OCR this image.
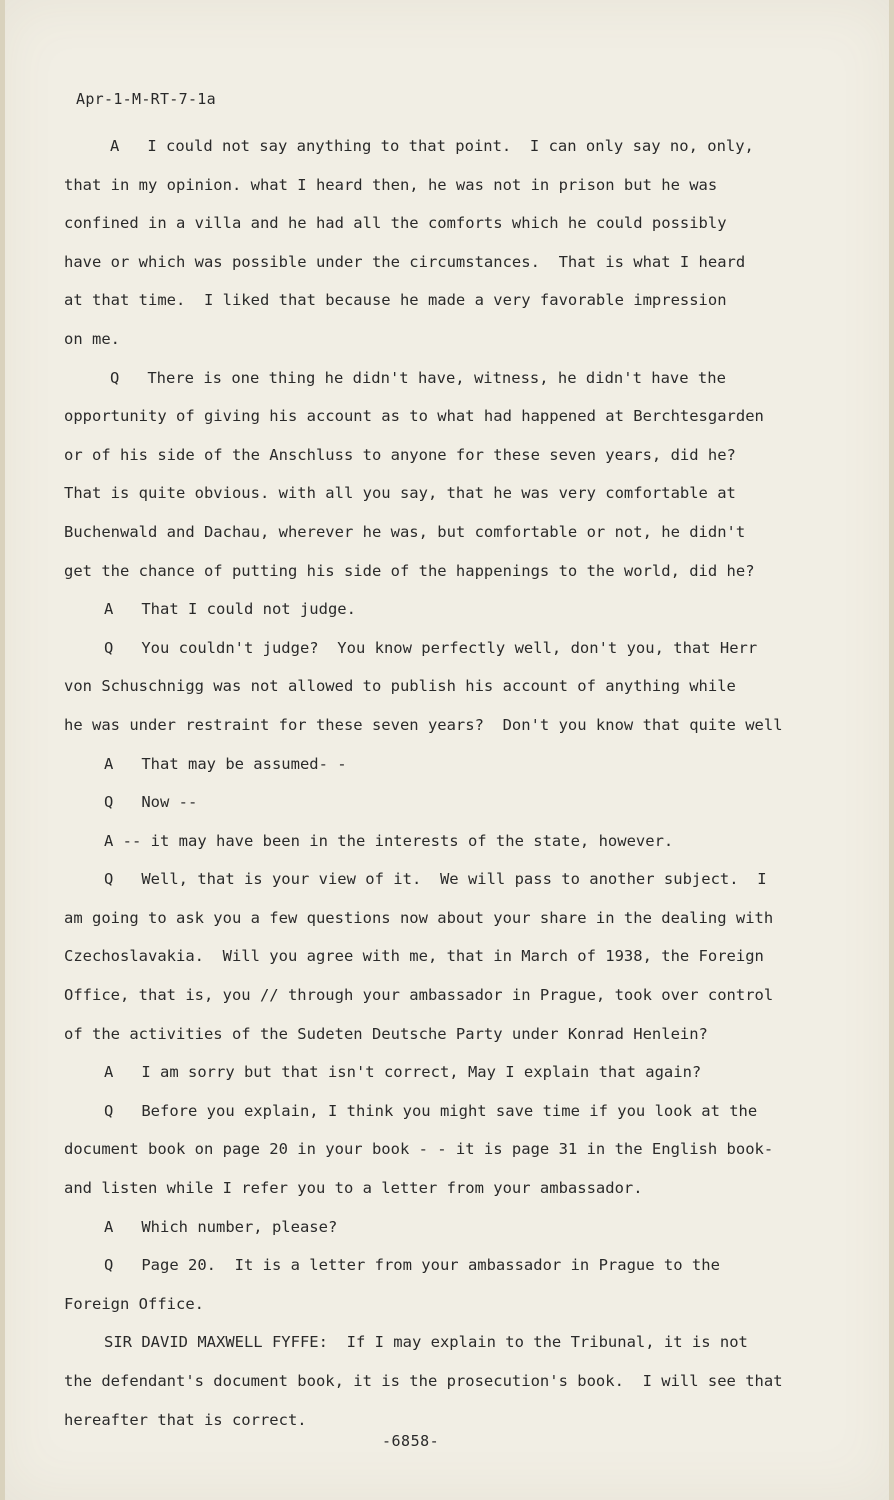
Apr-1-M-RT-7-1a

A   I could not say anything to that point.  I can only say no, only,

that in my opinion. what I heard then, he was not in prison but he was

confined in a villa and he had all the comforts which he could possibly

have or which was possible under the circumstances.  That is what I heard

at that time.  I liked that because he made a very favorable impression

on me.

Q   There is one thing he didn't have, witness, he didn't have the

opportunity of giving his account as to what had happened at Berchtesgarden

or of his side of the Anschluss to anyone for these seven years, did he?

That is quite obvious. with all you say, that he was very comfortable at

Buchenwald and Dachau, wherever he was, but comfortable or not, he didn't

get the chance of putting his side of the happenings to the world, did he?

A   That I could not judge.

Q   You couldn't judge?  You know perfectly well, don't you, that Herr

von Schuschnigg was not allowed to publish his account of anything while

he was under restraint for these seven years?  Don't you know that quite well

A   That may be assumed- -

Q   Now --

A -- it may have been in the interests of the state, however.

Q   Well, that is your view of it.  We will pass to another subject.  I

am going to ask you a few questions now about your share in the dealing with

Czechoslavakia.  Will you agree with me, that in March of 1938, the Foreign

Office, that is, you // through your ambassador in Prague, took over control

of the activities of the Sudeten Deutsche Party under Konrad Henlein?

A   I am sorry but that isn't correct, May I explain that again?

Q   Before you explain, I think you might save time if you look at the

document book on page 20 in your book - - it is page 31 in the English book-

and listen while I refer you to a letter from your ambassador.

A   Which number, please?

Q   Page 20.  It is a letter from your ambassador in Prague to the

Foreign Office.

SIR DAVID MAXWELL FYFFE:  If I may explain to the Tribunal, it is not

the defendant's document book, it is the prosecution's book.  I will see that

hereafter that is correct.

-6858-
